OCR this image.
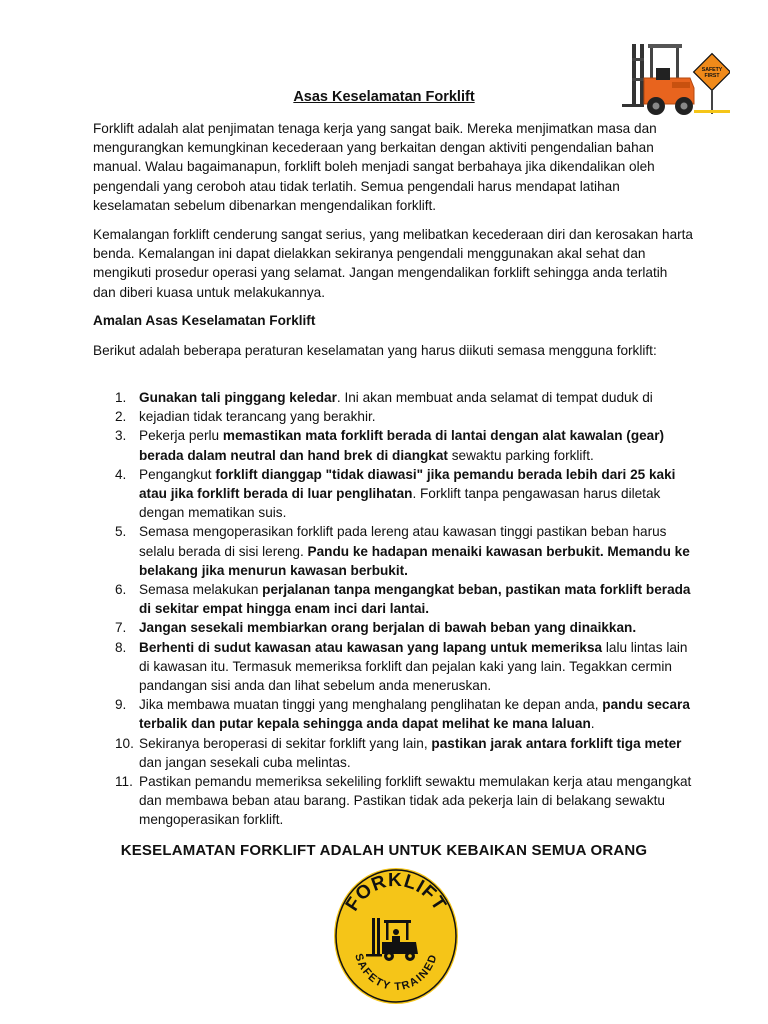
SAFETY
FIRST
Asas Keselamatan Forklift

Forklift adalah alat penjimatan tenaga kerja yang sangat baik. Mereka menjimatkan masa dan mengurangkan kemungkinan kecederaan yang berkaitan dengan aktiviti pengendalian bahan manual. Walau bagaimanapun, forklift boleh menjadi sangat berbahaya jika dikendalikan oleh pengendali yang ceroboh atau tidak terlatih. Semua pengendali harus mendapat latihan keselamatan sebelum dibenarkan mengendalikan forklift.

Kemalangan forklift cenderung sangat serius, yang melibatkan kecederaan diri dan kerosakan harta benda. Kemalangan ini dapat dielakkan sekiranya pengendali menggunakan akal sehat dan mengikuti prosedur operasi yang selamat. Jangan mengendalikan forklift sehingga anda terlatih dan diberi kuasa untuk melakukannya.

Amalan Asas Keselamatan Forklift

Berikut adalah beberapa peraturan keselamatan yang harus diikuti semasa mengguna forklift:

1. Gunakan tali pinggang keledar. Ini akan membuat anda selamat di tempat duduk di
2. kejadian tidak terancang yang berakhir.
3. Pekerja perlu memastikan mata forklift berada di lantai dengan alat kawalan (gear) berada dalam neutral dan hand brek di diangkat sewaktu parking forklift.
4. Pengangkut forklift dianggap "tidak diawasi" jika pemandu berada lebih dari 25 kaki atau jika forklift berada di luar penglihatan. Forklift tanpa pengawasan harus diletak dengan mematikan suis.
5. Semasa mengoperasikan forklift pada lereng atau kawasan tinggi pastikan beban harus selalu berada di sisi lereng. Pandu ke hadapan menaiki kawasan berbukit. Memandu ke belakang jika menurun kawasan berbukit.
6. Semasa melakukan perjalanan tanpa mengangkat beban, pastikan mata forklift berada di sekitar empat hingga enam inci dari lantai.
7. Jangan sesekali membiarkan orang berjalan di bawah beban yang dinaikkan.
8. Berhenti di sudut kawasan atau kawasan yang lapang untuk memeriksa lalu lintas lain di kawasan itu. Termasuk memeriksa forklift dan pejalan kaki yang lain. Tegakkan cermin pandangan sisi anda dan lihat sebelum anda meneruskan.
9. Jika membawa muatan tinggi yang menghalang penglihatan ke depan anda, pandu secara terbalik dan putar kepala sehingga anda dapat melihat ke mana laluan.
10. Sekiranya beroperasi di sekitar forklift yang lain, pastikan jarak antara forklift tiga meter dan jangan sesekali cuba melintas.
11. Pastikan pemandu memeriksa sekeliling forklift sewaktu memulakan kerja atau mengangkat dan membawa beban atau barang. Pastikan tidak ada pekerja lain di belakang sewaktu mengoperasikan forklift.
KESELAMATAN FORKLIFT ADALAH UNTUK KEBAIKAN SEMUA ORANG
FORKLIFT
SAFETY TRAINED
